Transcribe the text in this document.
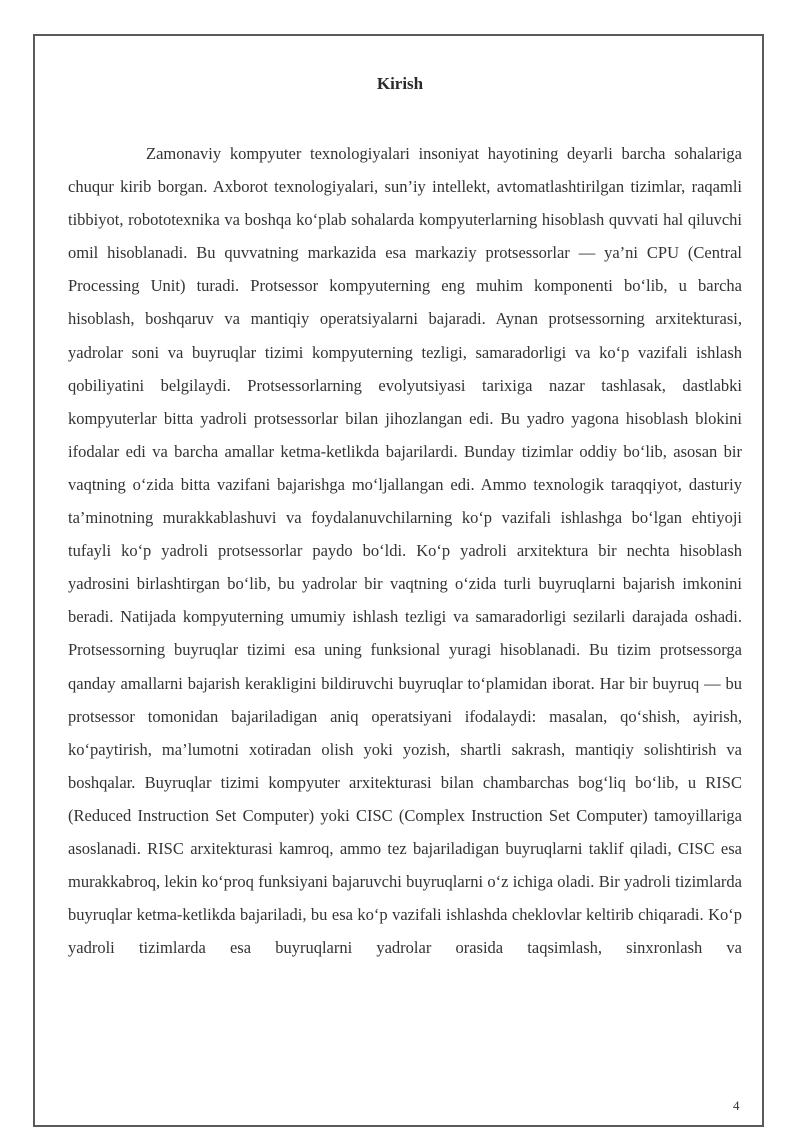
Kirish

Zamonaviy kompyuter texnologiyalari insoniyat hayotining deyarli barcha sohalariga chuqur kirib borgan. Axborot texnologiyalari, sun’iy intellekt, avtomatlashtirilgan tizimlar, raqamli tibbiyot, robototexnika va boshqa ko‘plab sohalarda kompyuterlarning hisoblash quvvati hal qiluvchi omil hisoblanadi. Bu quvvatning markazida esa markaziy protsessorlar — ya’ni CPU (Central Processing Unit) turadi. Protsessor kompyuterning eng muhim komponenti bo‘lib, u barcha hisoblash, boshqaruv va mantiqiy operatsiyalarni bajaradi. Aynan protsessorning arxitekturasi, yadrolar soni va buyruqlar tizimi kompyuterning tezligi, samaradorligi va ko‘p vazifali ishlash qobiliyatini belgilaydi. Protsessorlarning evolyutsiyasi tarixiga nazar tashlasak, dastlabki kompyuterlar bitta yadroli protsessorlar bilan jihozlangan edi. Bu yadro yagona hisoblash blokini ifodalar edi va barcha amallar ketma-ketlikda bajarilardi. Bunday tizimlar oddiy bo‘lib, asosan bir vaqtning o‘zida bitta vazifani bajarishga mo‘ljallangan edi. Ammo texnologik taraqqiyot, dasturiy ta’minotning murakkablashuvi va foydalanuvchilarning ko‘p vazifali ishlashga bo‘lgan ehtiyoji tufayli ko‘p yadroli protsessorlar paydo bo‘ldi. Ko‘p yadroli arxitektura bir nechta hisoblash yadrosini birlashtirgan bo‘lib, bu yadrolar bir vaqtning o‘zida turli buyruqlarni bajarish imkonini beradi. Natijada kompyuterning umumiy ishlash tezligi va samaradorligi sezilarli darajada oshadi. Protsessorning buyruqlar tizimi esa uning funksional yuragi hisoblanadi. Bu tizim protsessorga qanday amallarni bajarish kerakligini bildiruvchi buyruqlar to‘plamidan iborat. Har bir buyruq — bu protsessor tomonidan bajariladigan aniq operatsiyani ifodalaydi: masalan, qo‘shish, ayirish, ko‘paytirish, ma’lumotni xotiradan olish yoki yozish, shartli sakrash, mantiqiy solishtirish va boshqalar. Buyruqlar tizimi kompyuter arxitekturasi bilan chambarchas bog‘liq bo‘lib, u RISC (Reduced Instruction Set Computer) yoki CISC (Complex Instruction Set Computer) tamoyillariga asoslanadi. RISC arxitekturasi kamroq, ammo tez bajariladigan buyruqlarni taklif qiladi, CISC esa murakkabroq, lekin ko‘proq funksiyani bajaruvchi buyruqlarni o‘z ichiga oladi. Bir yadroli tizimlarda buyruqlar ketma-ketlikda bajariladi, bu esa ko‘p vazifali ishlashda cheklovlar keltirib chiqaradi. Ko‘p yadroli tizimlarda esa buyruqlarni yadrolar orasida taqsimlash, sinxronlash va

4
